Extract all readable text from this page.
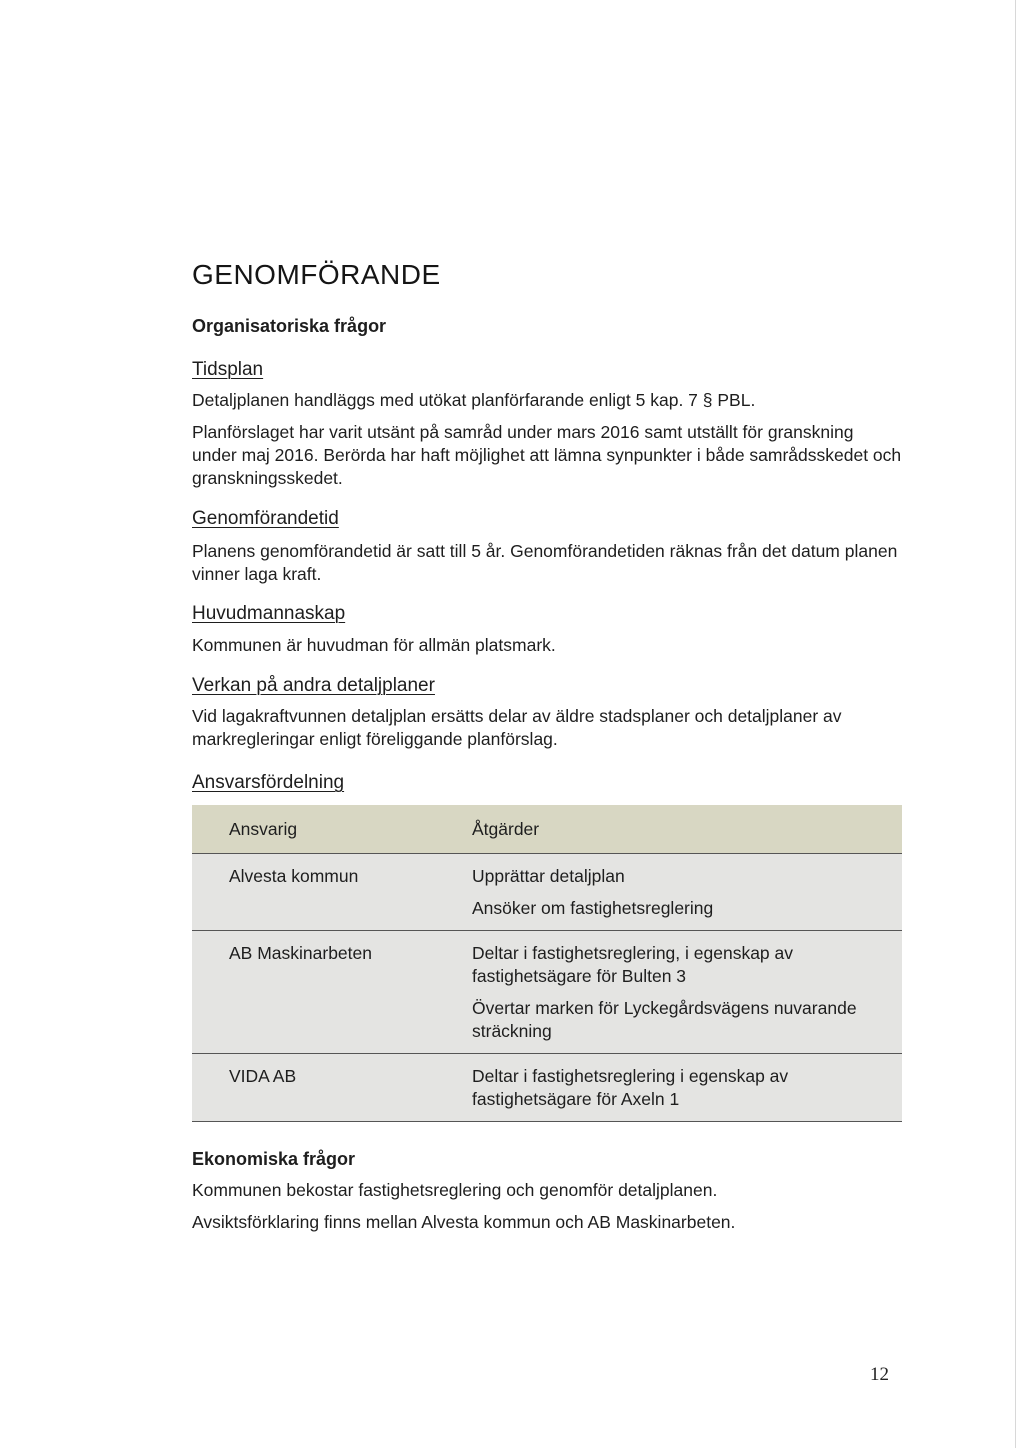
GENOMFÖRANDE
Organisatoriska frågor
Tidsplan

Detaljplanen handläggs med utökat planförfarande enligt 5 kap. 7 § PBL.

Planförslaget har varit utsänt på samråd under mars 2016 samt utställt för granskning under maj 2016. Berörda har haft möjlighet att lämna synpunkter i både samrådsskedet och granskningsskedet.

Genomförandetid

Planens genomförandetid är satt till 5 år. Genomförandetiden räknas från det datum planen vinner laga kraft.

Huvudmannaskap

Kommunen är huvudman för allmän platsmark.

Verkan på andra detaljplaner

Vid lagakraftvunnen detaljplan ersätts delar av äldre stadsplaner och detaljplaner av markregleringar enligt föreliggande planförslag.

Ansvarsfördelning
Ansvarig	Åtgärder

Alvesta kommun	Upprättar detaljplan
Ansöker om fastighetsreglering

AB Maskinarbeten	Deltar i fastighetsreglering, i egenskap av fastighetsägare för Bulten 3
Övertar marken för Lyckegårdsvägens nuvarande sträckning

VIDA AB	Deltar i fastighetsreglering i egenskap av fastighetsägare för Axeln 1
Ekonomiska frågor

Kommunen bekostar fastighetsreglering och genomför detaljplanen.

Avsiktsförklaring finns mellan Alvesta kommun och AB Maskinarbeten.

12
